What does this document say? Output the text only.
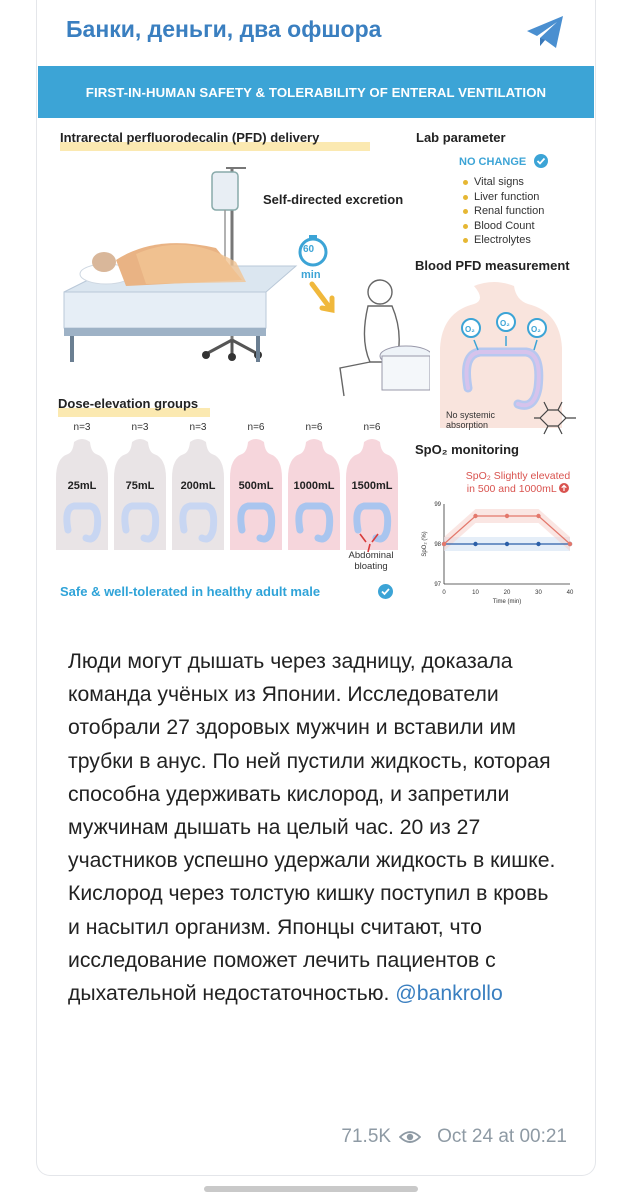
Банки, деньги, два офшора
FIRST-IN-HUMAN SAFETY & TOLERABILITY OF ENTERAL VENTILATION
Intrarectal perfluorodecalin (PFD) delivery
Self-directed excretion
60
min
Lab parameter
NO CHANGE
Vital signs
Liver function
Renal function
Blood Count
Electrolytes
Blood PFD measurement
O₂
O₂
O₂
No systemic
absorption
Dose-elevation groups
n=3
25mL
n=3
75mL
n=3
200mL
n=6
500mL
n=6
1000mL
n=6
1500mL
Abdominal
bloating
Safe & well-tolerated in healthy adult male
SpO₂ monitoring
SpO₂ Slightly elevated
in 500 and 1000mL
0	10	20	30	40
97
98
99
Time (min)
SpO₂ (%)
Люди могут дышать через задницу, доказала команда учёных из Японии. Исследователи отобрали 27 здоровых мужчин и вставили им трубки в анус. По ней пустили жидкость, которая способна удерживать кислород, и запретили мужчинам дышать на целый час. 20 из 27 участников успешно удержали жидкость в кишке. Кислород через толстую кишку поступил в кровь и насытил организм. Японцы считают, что исследование поможет лечить пациентов с дыхательной недостаточностью. @bankrollo
71.5K Oct 24 at 00:21
